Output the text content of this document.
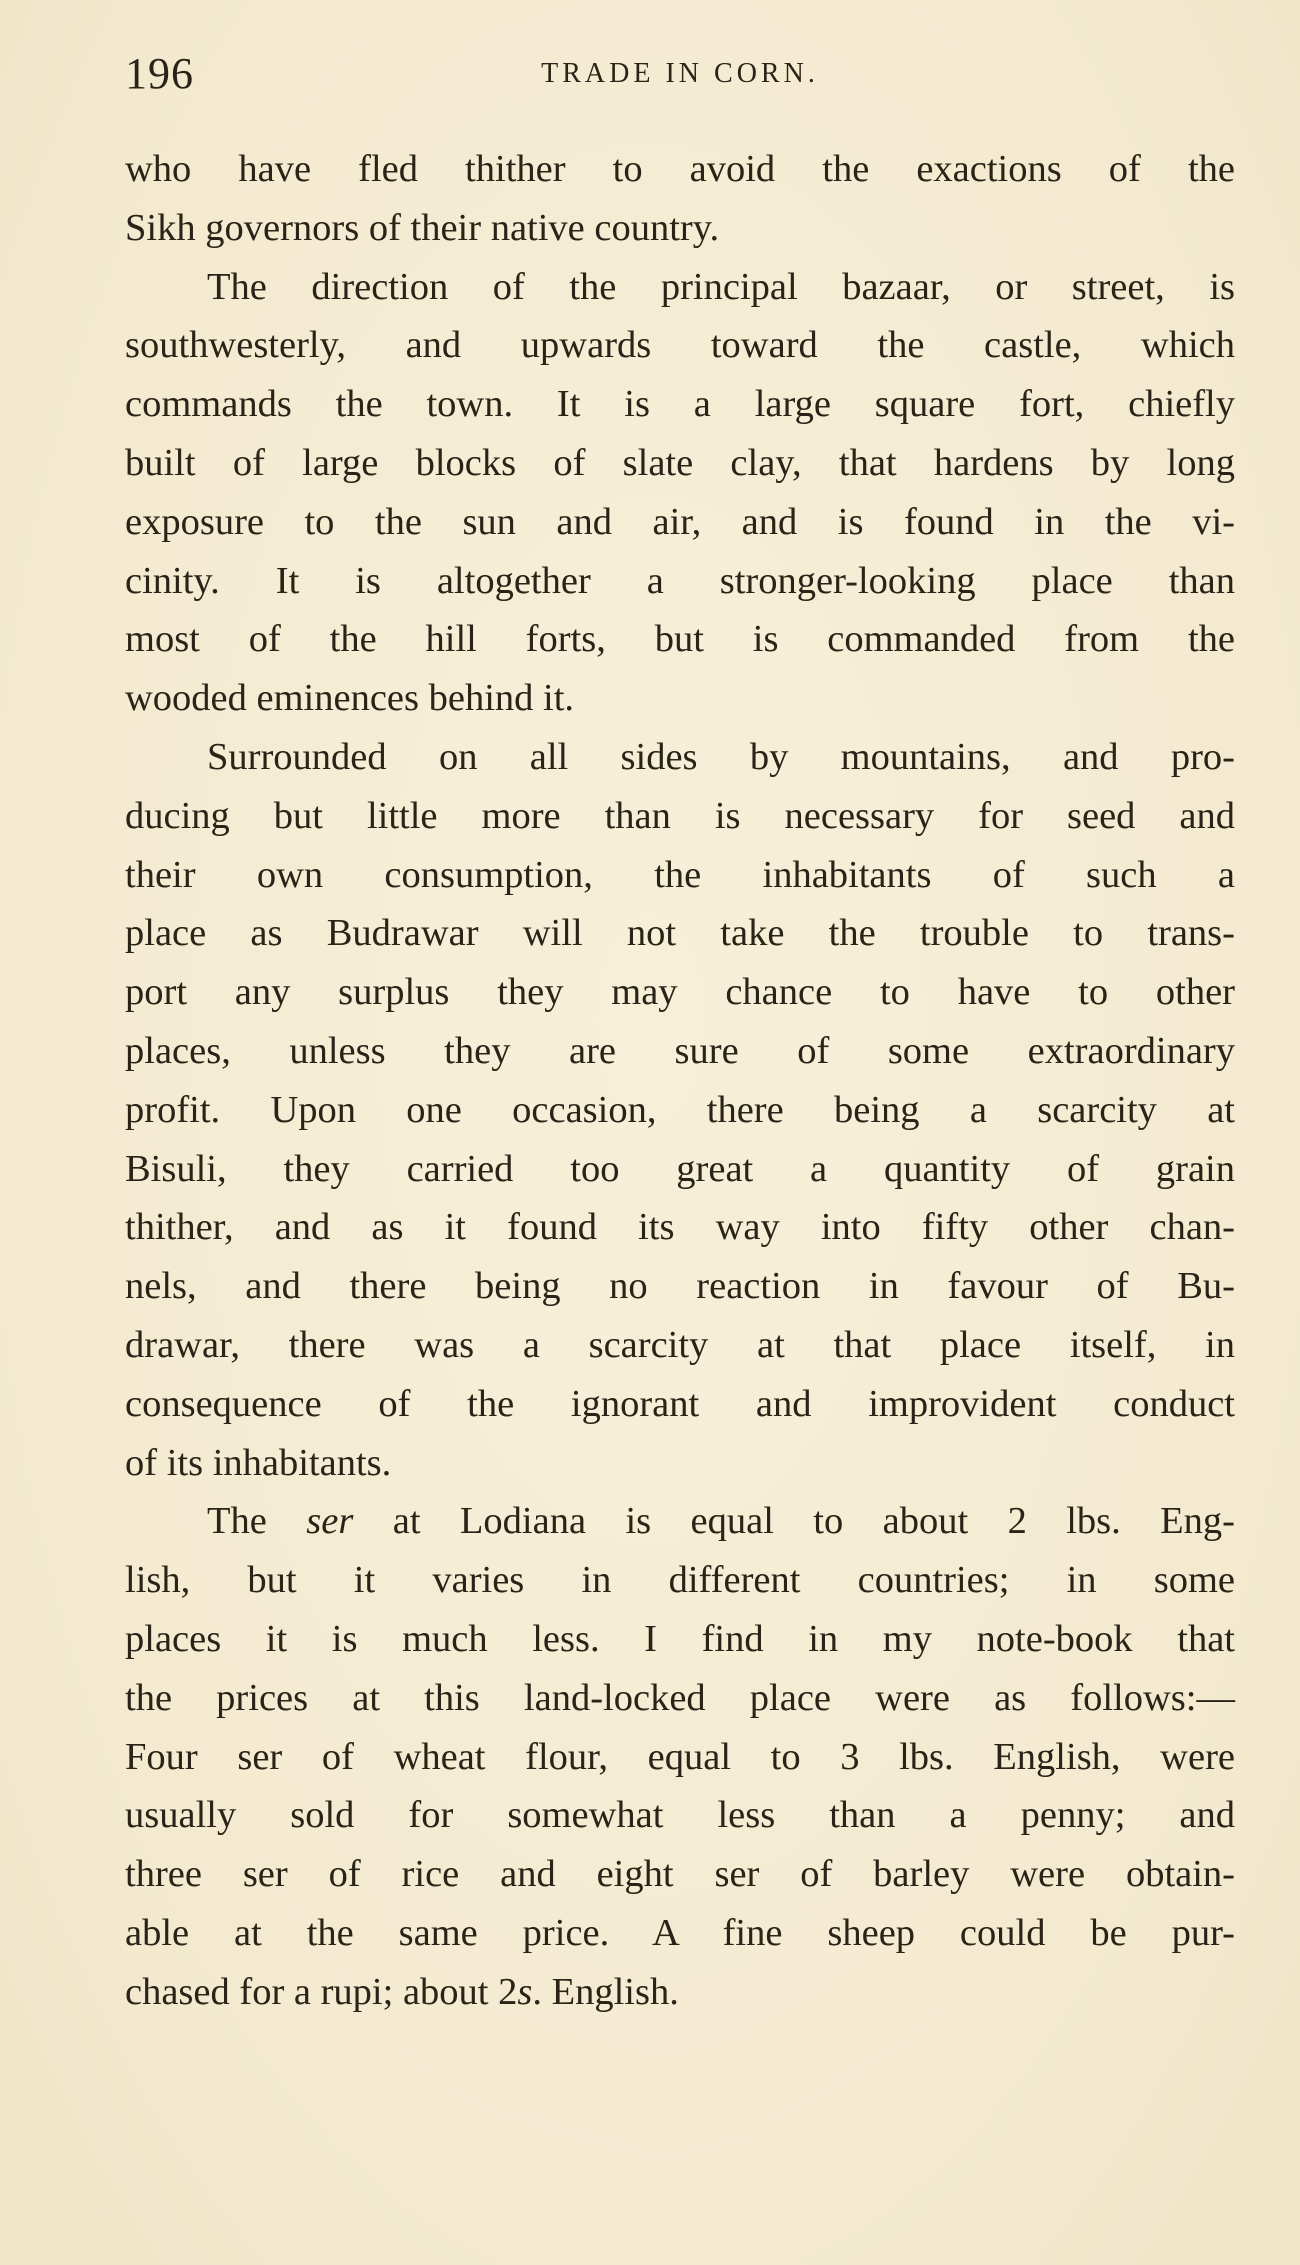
196	TRADE IN CORN.
who have fled thither to avoid the exactions of the
Sikh governors of their native country.
The direction of the principal bazaar, or street, is
southwesterly, and upwards toward the castle, which
commands the town. It is a large square fort, chiefly
built of large blocks of slate clay, that hardens by long
exposure to the sun and air, and is found in the vi-
cinity. It is altogether a stronger-looking place than
most of the hill forts, but is commanded from the
wooded eminences behind it.
Surrounded on all sides by mountains, and pro-
ducing but little more than is necessary for seed and
their own consumption, the inhabitants of such a
place as Budrawar will not take the trouble to trans-
port any surplus they may chance to have to other
places, unless they are sure of some extraordinary
profit. Upon one occasion, there being a scarcity at
Bisuli, they carried too great a quantity of grain
thither, and as it found its way into fifty other chan-
nels, and there being no reaction in favour of Bu-
drawar, there was a scarcity at that place itself, in
consequence of the ignorant and improvident conduct
of its inhabitants.
The ser at Lodiana is equal to about 2 lbs. Eng-
lish, but it varies in different countries; in some
places it is much less. I find in my note-book that
the prices at this land-locked place were as follows:—
Four ser of wheat flour, equal to 3 lbs. English, were
usually sold for somewhat less than a penny; and
three ser of rice and eight ser of barley were obtain-
able at the same price. A fine sheep could be pur-
chased for a rupi; about 2s. English.
